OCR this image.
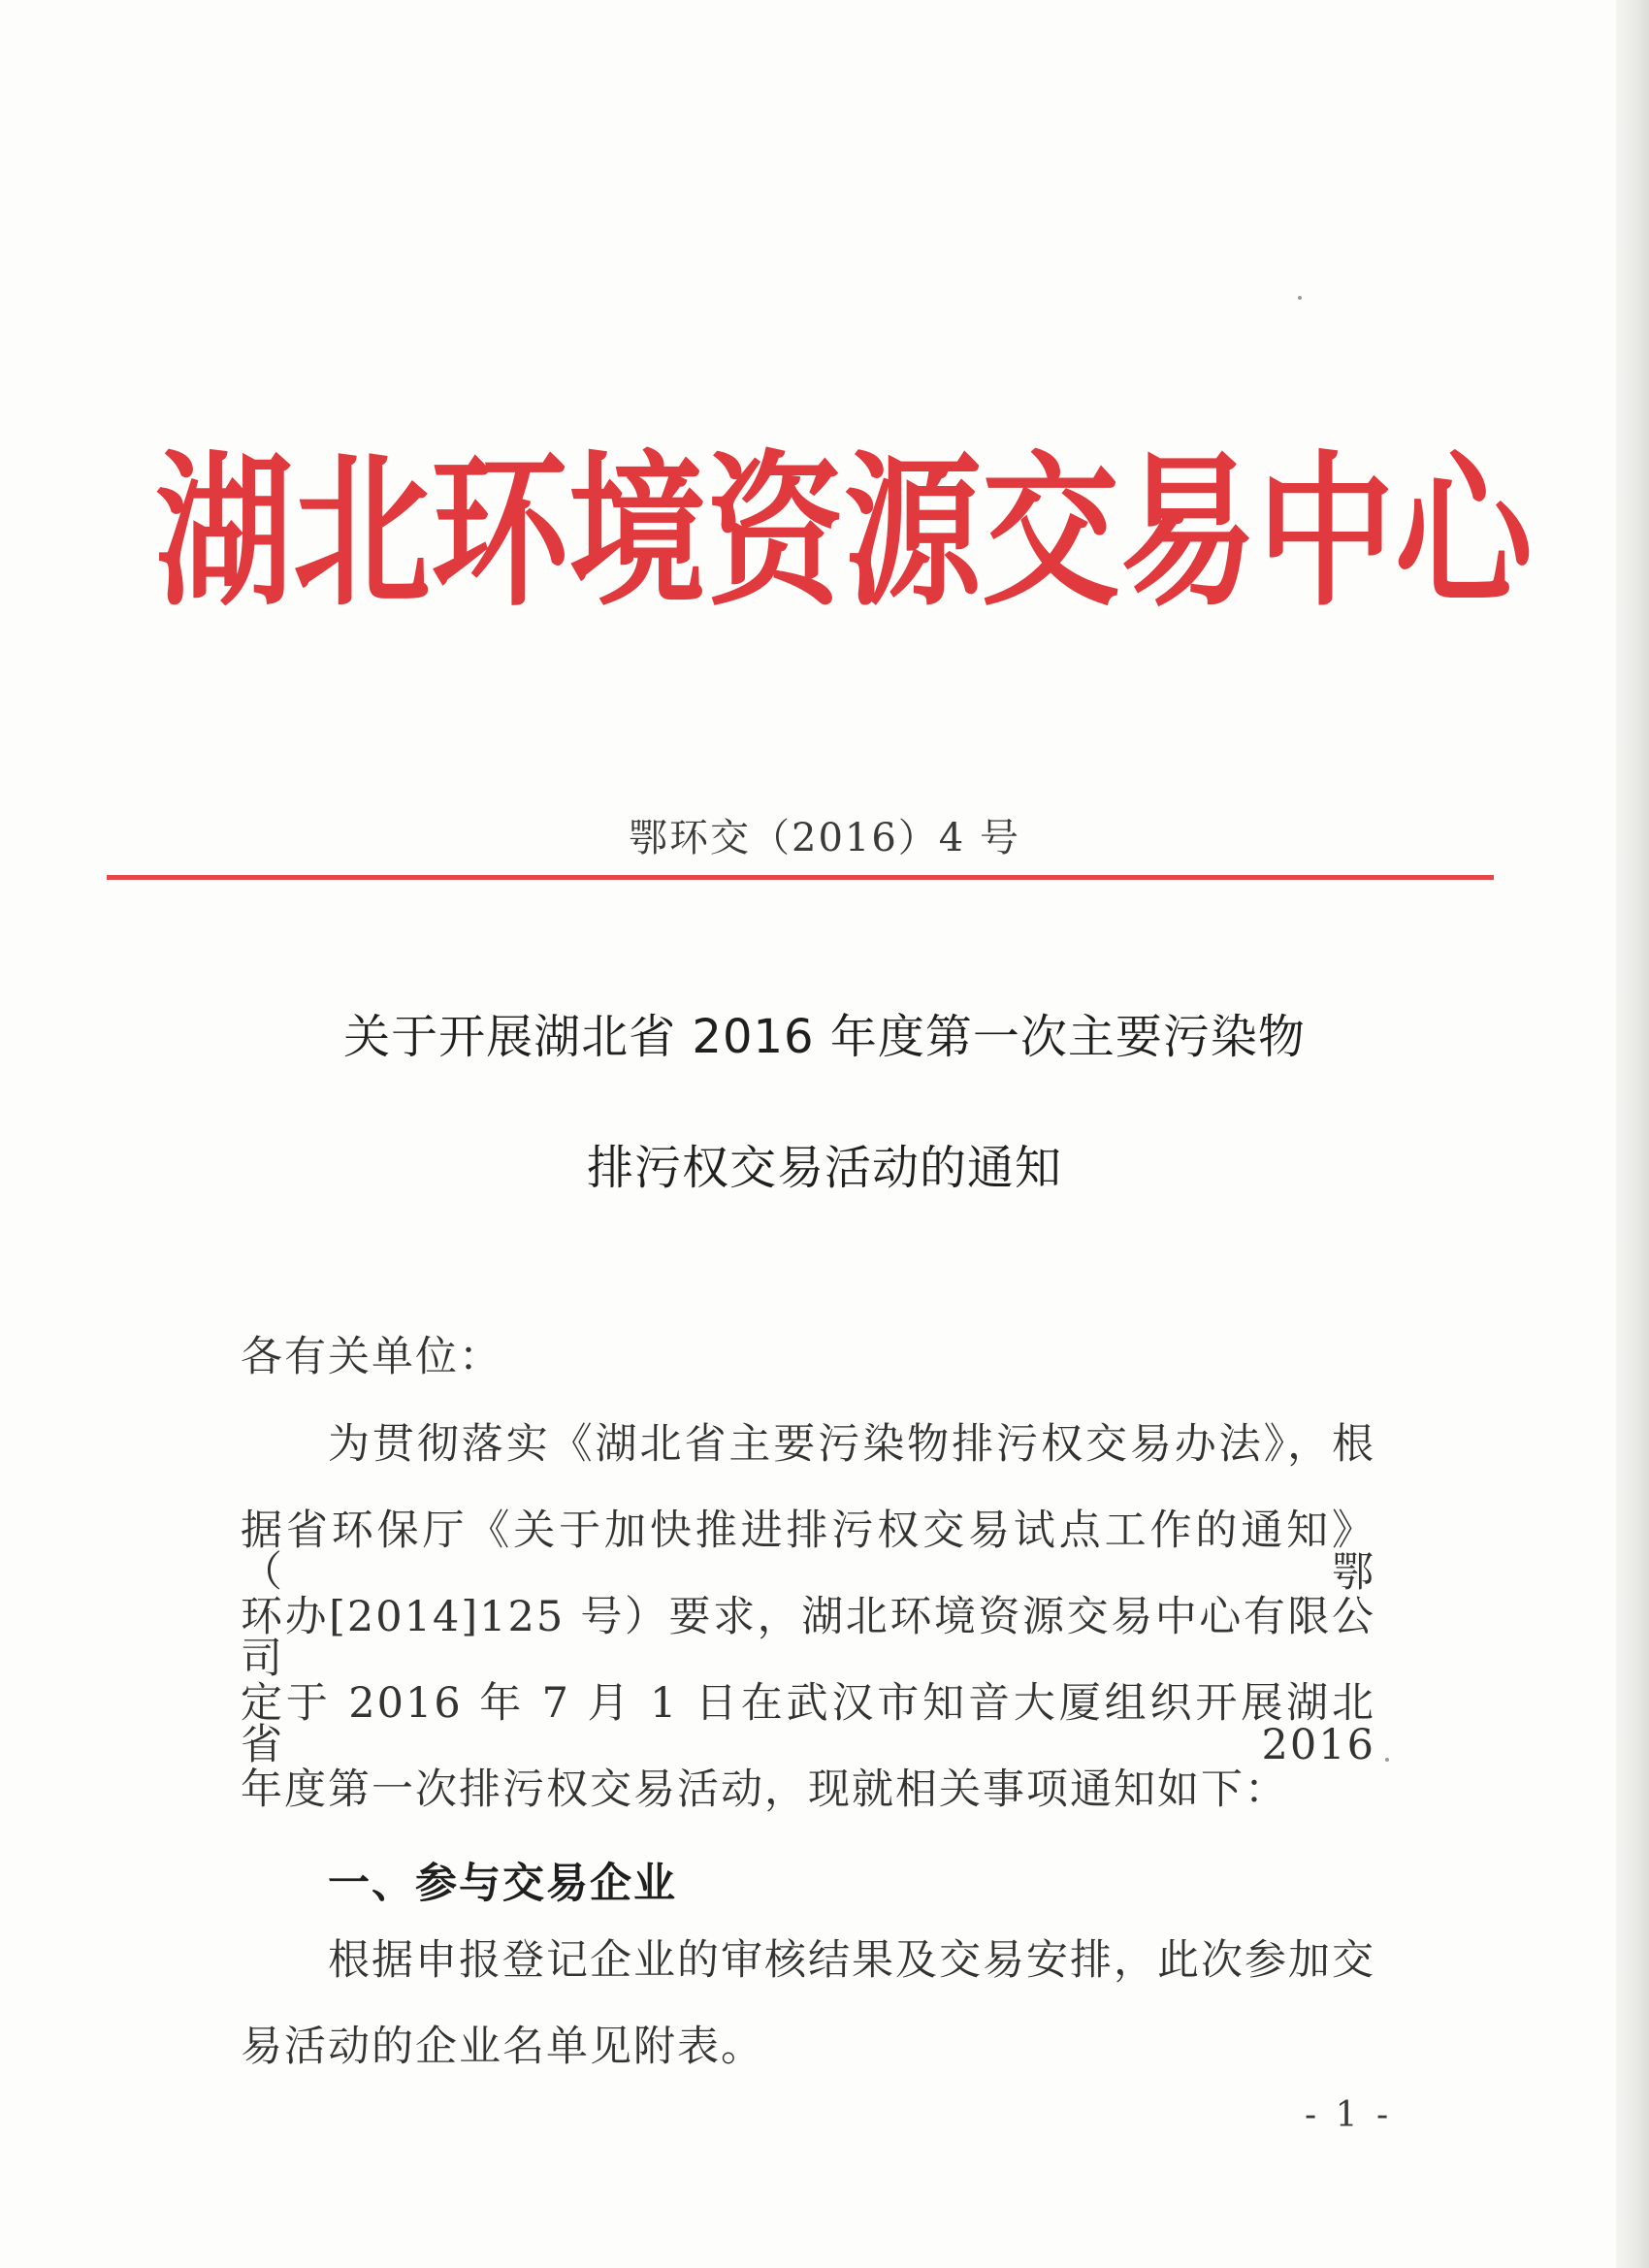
湖 北 环 境 资 源 交 易 中 心
鄂环交（2016）4 号
关于开展湖北省 2016 年度第一次主要污染物
排污权交易活动的通知
各有关单位：
为贯彻落实《湖北省主要污染物排污权交易办法》，根
据省环保厅《关于加快推进排污权交易试点工作的通知》（鄂
环办[2014]125 号）要求，湖北环境资源交易中心有限公司
定于 2016 年 7 月 1 日在武汉市知音大厦组织开展湖北省 2016
年度第一次排污权交易活动，现就相关事项通知如下：
一、参与交易企业
根据申报登记企业的审核结果及交易安排，此次参加交
易活动的企业名单见附表。
- 1 -
